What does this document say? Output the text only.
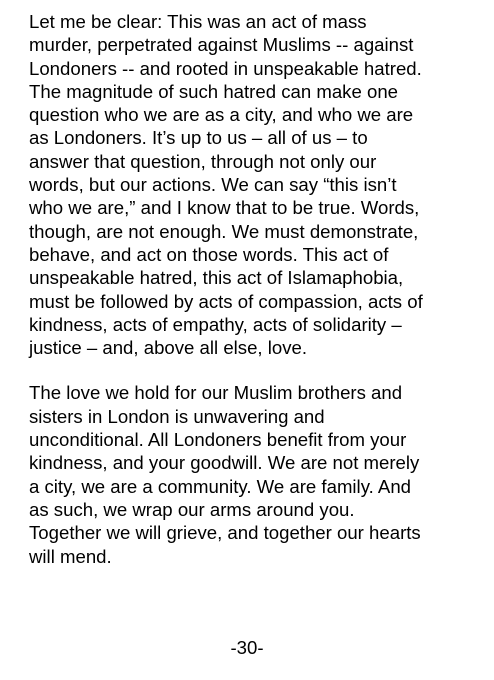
Let me be clear: This was an act of mass
murder, perpetrated against Muslims -- against
Londoners -- and rooted in unspeakable hatred.
The magnitude of such hatred can make one
question who we are as a city, and who we are
as Londoners. It’s up to us – all of us – to
answer that question, through not only our
words, but our actions. We can say “this isn’t
who we are,” and I know that to be true. Words,
though, are not enough. We must demonstrate,
behave, and act on those words. This act of
unspeakable hatred, this act of Islamaphobia,
must be followed by acts of compassion, acts of
kindness, acts of empathy, acts of solidarity –
justice – and, above all else, love.

The love we hold for our Muslim brothers and
sisters in London is unwavering and
unconditional. All Londoners benefit from your
kindness, and your goodwill. We are not merely
a city, we are a community. We are family. And
as such, we wrap our arms around you.
Together we will grieve, and together our hearts
will mend.

-30-
